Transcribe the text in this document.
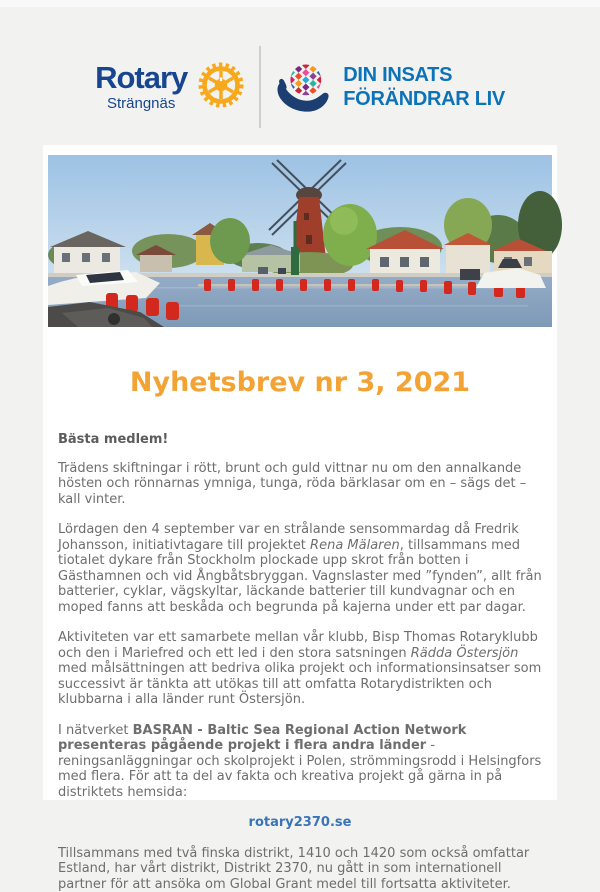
Rotary
Strängnäs
DIN INSATS
FÖRÄNDRAR LIV
Nyhetsbrev nr 3, 2021
Bästa medlem!

Trädens skiftningar i rött, brunt och guld vittnar nu om den annalkande hösten och rönnarnas ymniga, tunga, röda bärklasar om en – sägs det – kall vinter.

Lördagen den 4 september var en strålande sensommardag då Fredrik Johansson, initiativtagare till projektet Rena Mälaren, tillsammans med tiotalet dykare från Stockholm plockade upp skrot från botten i Gästhamnen och vid Ångbåtsbryggan. Vagnslaster med ”fynden”, allt från batterier, cyklar, vägskyltar, läckande batterier till kundvagnar och en moped fanns att beskåda och begrunda på kajerna under ett par dagar.

Aktiviteten var ett samarbete mellan vår klubb, Bisp Thomas Rotaryklubb och den i Mariefred och ett led i den stora satsningen Rädda Östersjön med målsättningen att bedriva olika projekt och informationsinsatser som successivt är tänkta att utökas till att omfatta Rotarydistrikten och klubbarna i alla länder runt Östersjön.

I nätverket BASRAN - Baltic Sea Regional Action Network presenteras pågående projekt i flera andra länder - reningsanläggningar och skolprojekt i Polen, strömmingsrodd i Helsingfors med flera. För att ta del av fakta och kreativa projekt gå gärna in på distriktets hemsida:

rotary2370.se

Tillsammans med två finska distrikt, 1410 och 1420 som också omfattar Estland, har vårt distrikt, Distrikt 2370, nu gått in som internationell partner för att ansöka om Global Grant medel till fortsatta aktiviteter.
